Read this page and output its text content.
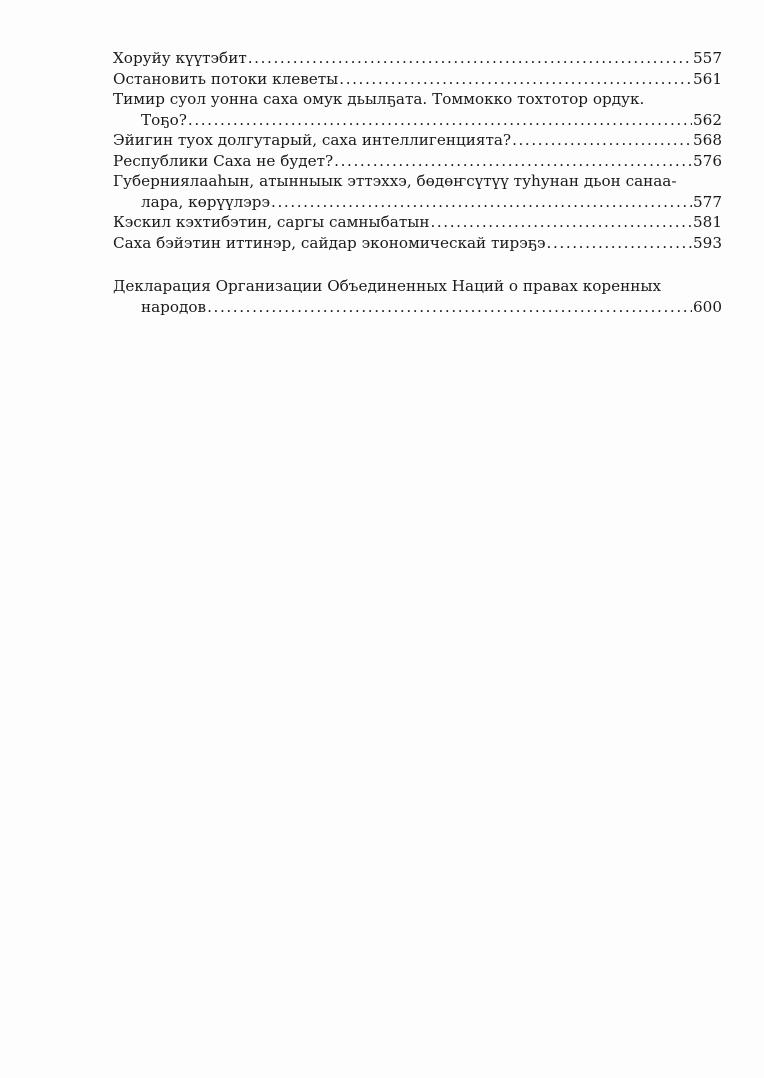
Хоруйу күүтэбит .....	557
Остановить потоки клеветы .....	561
Тимир суол уонна саха омук дьылҕата. Томмокко тохтотор ордук.
Тоҕо? .....	562
Эйигин туох долгутарый, саха интеллигенцията? .....	568
Республики Саха не будет? .....	576
Губерниялааһын, атынныык эттэххэ, бөдөҥсүтүү туһунан дьон санаа-
лара, көрүүлэрэ .....	577
Кэскил кэхтибэтин, саргы самныбатын .....	581
Саха бэйэтин иттинэр, сайдар экономическай тирэҕэ .....	593
Декларация Организации Объединенных Наций о правах коренных
народов .....	600
